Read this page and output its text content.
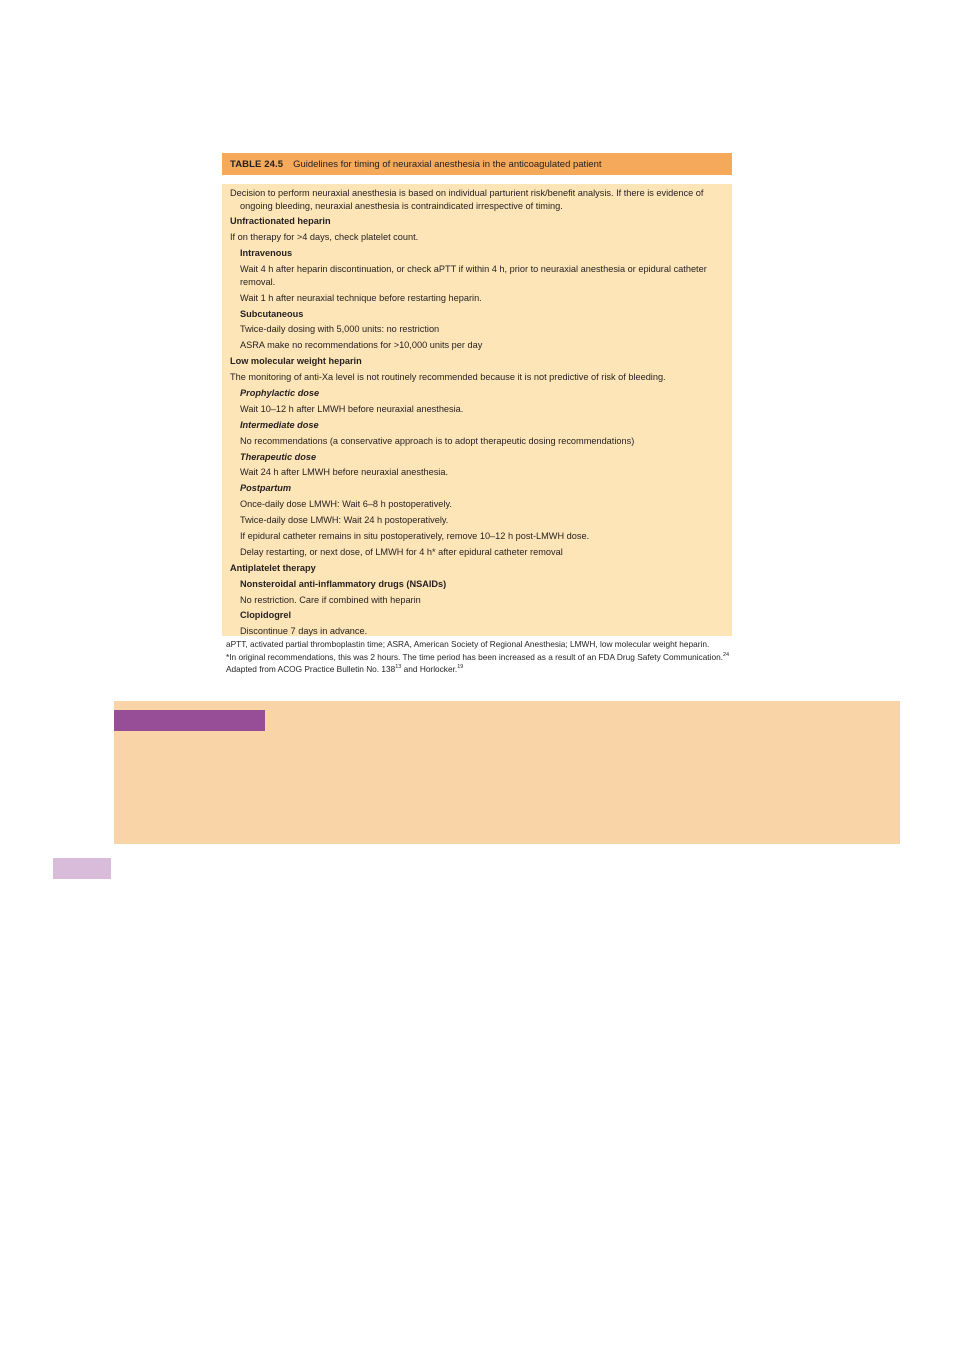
TABLE 24.5 Guidelines for timing of neuraxial anesthesia in the anticoagulated patient
Decision to perform neuraxial anesthesia is based on individual parturient risk/benefit analysis. If there is evidence of ongoing bleeding, neuraxial anesthesia is contraindicated irrespective of timing.
Unfractionated heparin
If on therapy for >4 days, check platelet count.
Intravenous
Wait 4 h after heparin discontinuation, or check aPTT if within 4 h, prior to neuraxial anesthesia or epidural catheter removal.
Wait 1 h after neuraxial technique before restarting heparin.
Subcutaneous
Twice-daily dosing with 5,000 units: no restriction
ASRA make no recommendations for >10,000 units per day
Low molecular weight heparin
The monitoring of anti-Xa level is not routinely recommended because it is not predictive of risk of bleeding.
Prophylactic dose
Wait 10–12 h after LMWH before neuraxial anesthesia.
Intermediate dose
No recommendations (a conservative approach is to adopt therapeutic dosing recommendations)
Therapeutic dose
Wait 24 h after LMWH before neuraxial anesthesia.
Postpartum
Once-daily dose LMWH: Wait 6–8 h postoperatively.
Twice-daily dose LMWH: Wait 24 h postoperatively.
If epidural catheter remains in situ postoperatively, remove 10–12 h post-LMWH dose.
Delay restarting, or next dose, of LMWH for 4 h* after epidural catheter removal
Antiplatelet therapy
Nonsteroidal anti-inflammatory drugs (NSAIDs)
No restriction. Care if combined with heparin
Clopidogrel
Discontinue 7 days in advance.
aPTT, activated partial thromboplastin time; ASRA, American Society of Regional Anesthesia; LMWH, low molecular weight heparin.
*In original recommendations, this was 2 hours. The time period has been increased as a result of an FDA Drug Safety Communication.$^{24}$
Adapted from ACOG Practice Bulletin No. $138^{13}$ and Horlocker.$^{19}$
